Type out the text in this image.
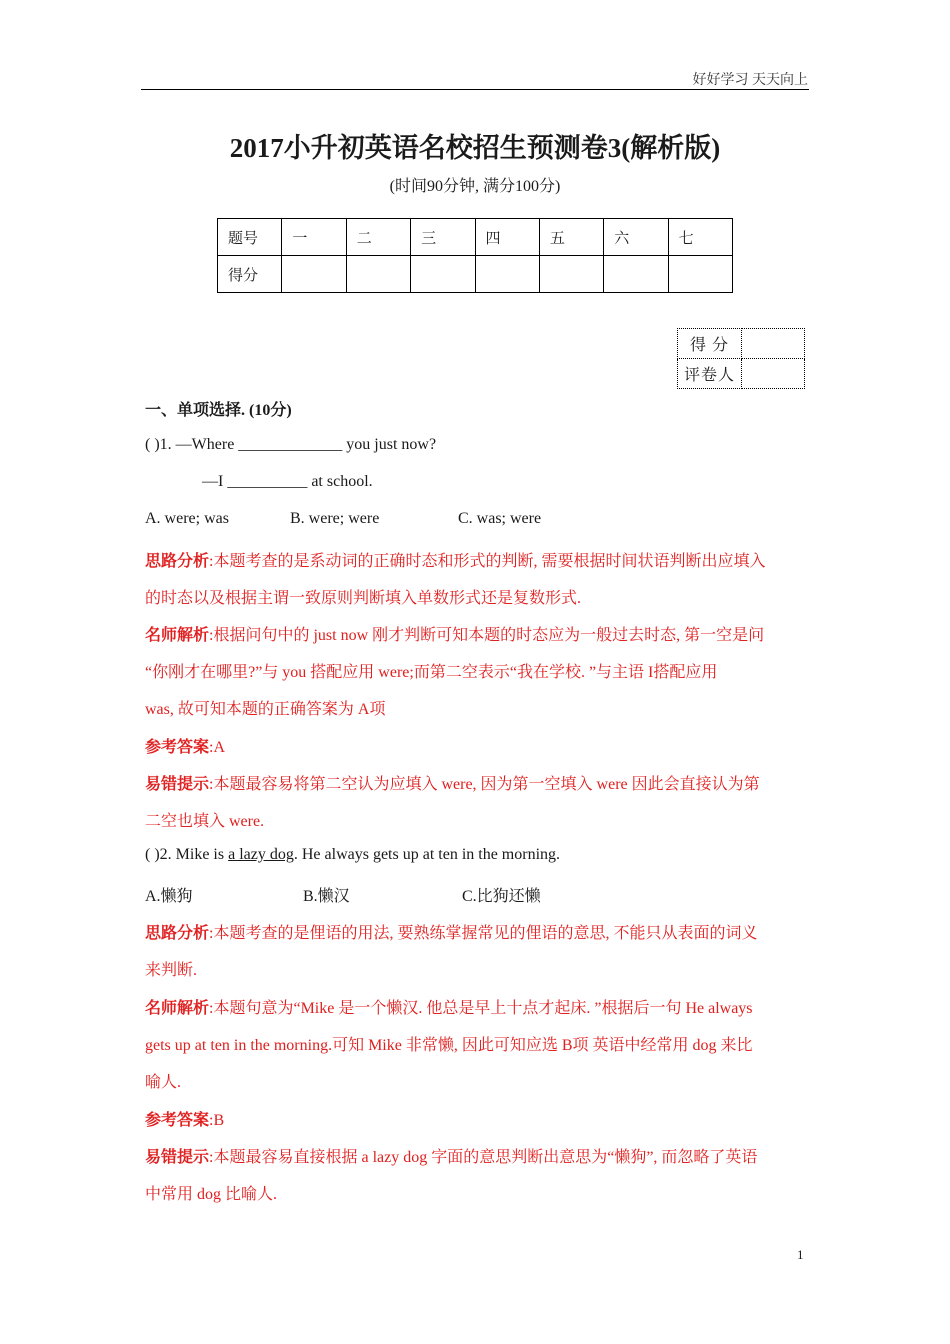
好好学习 天天向上
2017小升初英语名校招生预测卷3(解析版)
(时间90分钟, 满分100分)
题号	一	二	三	四	五	六	七
得分							
得 分	
评卷人	
一、单项选择. (10分)
( )1. —Where _____________ you just now?
—I __________ at school.
A. were; was	B. were; were	C. was; were
思路分析:本题考查的是系动词的正确时态和形式的判断, 需要根据时间状语判断出应填入
的时态以及根据主谓一致原则判断填入单数形式还是复数形式.
名师解析:根据问句中的 just now 刚才判断可知本题的时态应为一般过去时态, 第一空是问
“你刚才在哪里?”与 you 搭配应用 were;而第二空表示“我在学校. ”与主语 I搭配应用
was, 故可知本题的正确答案为 A项
参考答案:A
易错提示:本题最容易将第二空认为应填入 were, 因为第一空填入 were 因此会直接认为第
二空也填入 were.
( )2. Mike is a lazy dog. He always gets up at ten in the morning.
A.懒狗	B.懒汉	C.比狗还懒
思路分析:本题考查的是俚语的用法, 要熟练掌握常见的俚语的意思, 不能只从表面的词义
来判断.
名师解析:本题句意为“Mike 是一个懒汉. 他总是早上十点才起床. ”根据后一句 He always
gets up at ten in the morning.可知 Mike 非常懒, 因此可知应选 B项 英语中经常用 dog 来比
喻人.
参考答案:B
易错提示:本题最容易直接根据 a lazy dog 字面的意思判断出意思为“懒狗”, 而忽略了英语
中常用 dog 比喻人.
1
